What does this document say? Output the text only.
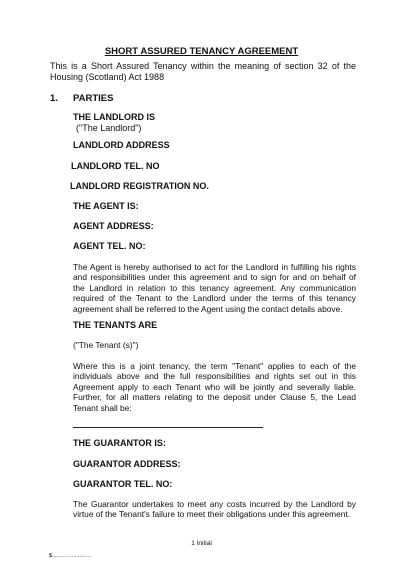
SHORT ASSURED TENANCY AGREEMENT

This is a Short Assured Tenancy within the meaning of section 32 of the Housing (Scotland) Act 1988

1. PARTIES

THE LANDLORD IS

("The Landlord")

LANDLORD ADDRESS

LANDLORD TEL. NO

LANDLORD REGISTRATION NO.

THE AGENT IS:

AGENT ADDRESS:

AGENT TEL. NO:

The Agent is hereby authorised to act for the Landlord in fulfilling his rights and responsibilities under this agreement and to sign for and on behalf of the Landlord in relation to this tenancy agreement. Any communication required of the Tenant to the Landlord under the terms of this tenancy agreement shall be referred to the Agent using the contact details above.

THE TENANTS ARE

("The Tenant (s)")

Where this is a joint tenancy, the term "Tenant" applies to each of the individuals above and the full responsibilities and rights set out in this Agreement apply to each Tenant who will be jointly and severally liable. Further, for all matters relating to the deposit under Clause 5, the Lead Tenant shall be:

THE GUARANTOR IS:

GUARANTOR ADDRESS:

GUARANTOR TEL. NO:

The Guarantor undertakes to meet any costs incurred by the Landlord by virtue of the Tenant's failure to meet their obligations under this agreement.

1 Initial

$..........................
